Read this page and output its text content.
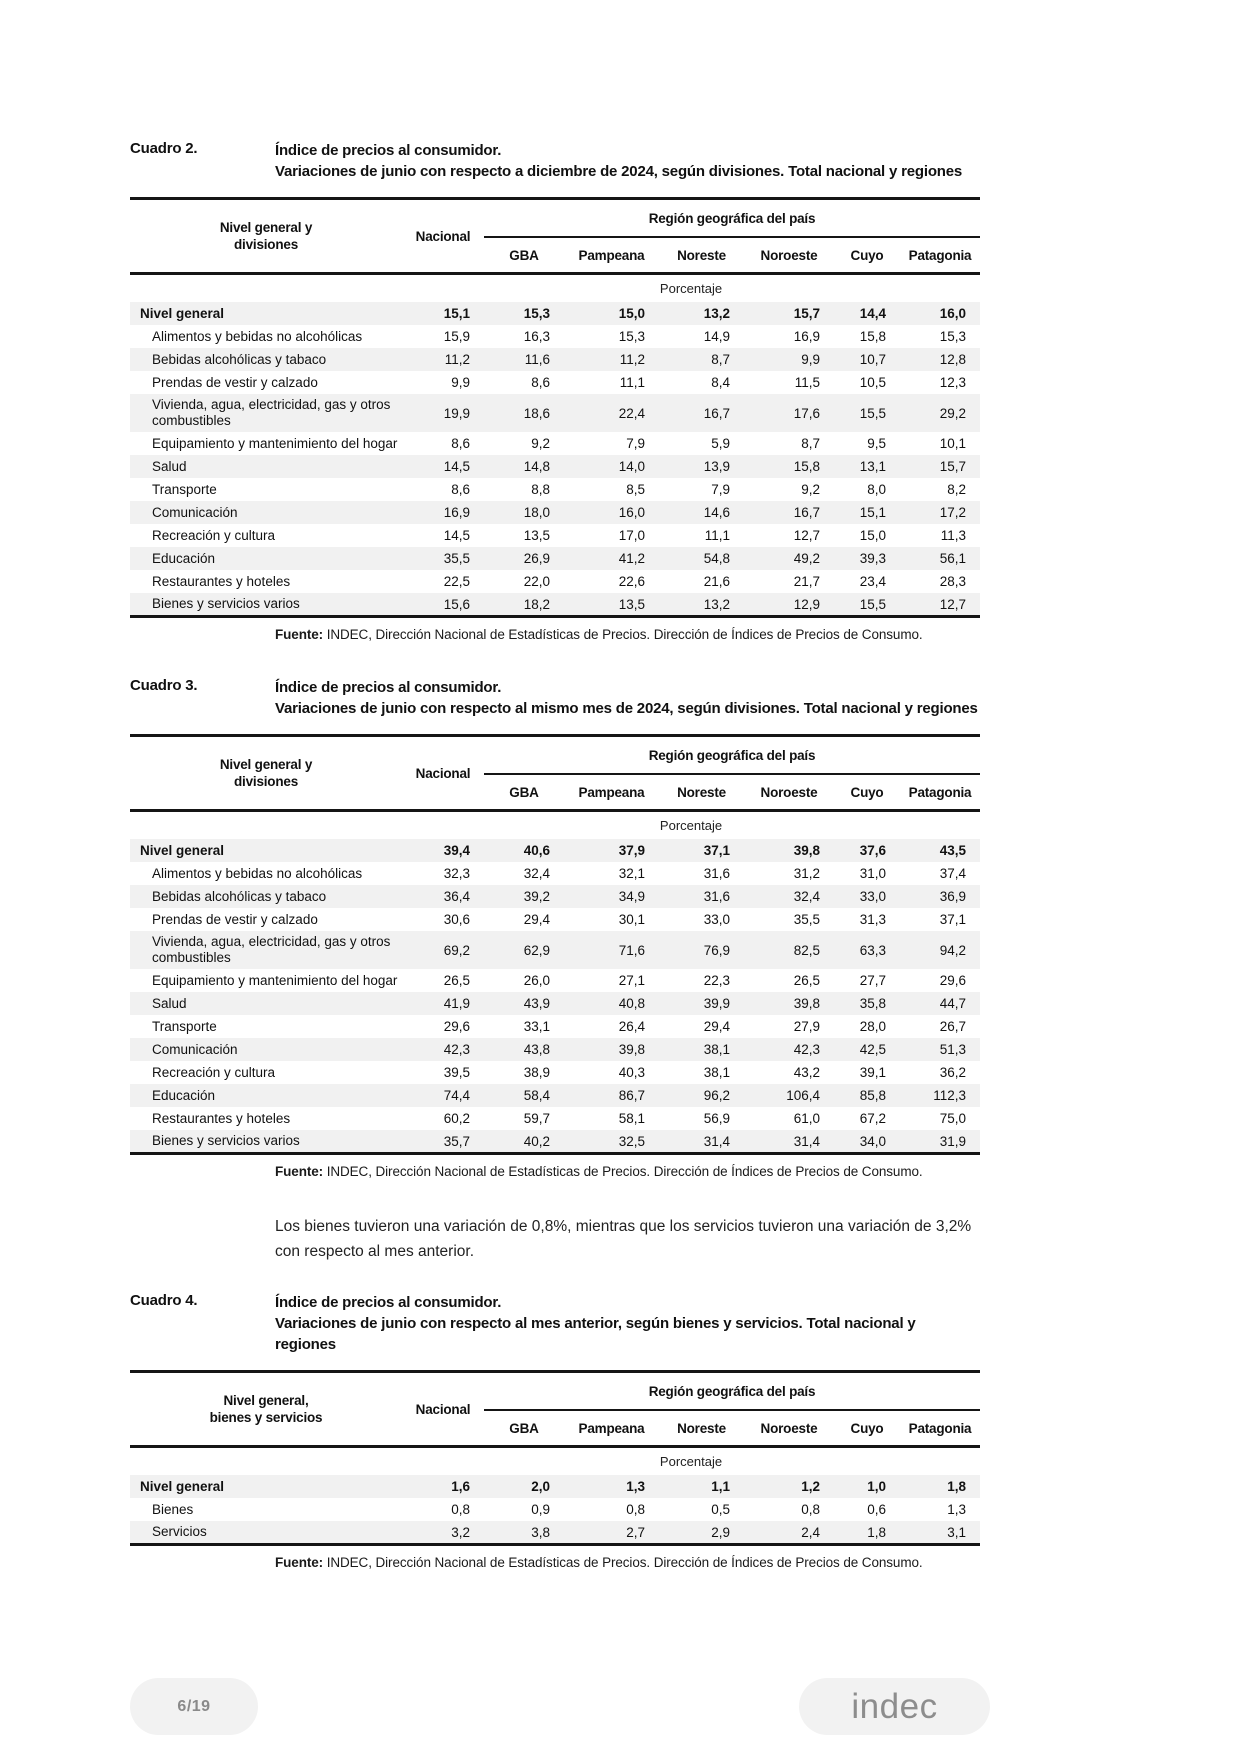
Cuadro 2.	Índice de precios al consumidor.
Variaciones de junio con respecto a diciembre de 2024, según divisiones. Total nacional y regiones
Nivel general y
divisiones	Nacional	Región geográfica del país					
		GBA	Pampeana	Noreste	Noroeste	Cuyo	Patagonia
	Porcentaje						
Nivel general	15,1	15,3	15,0	13,2	15,7	14,4	16,0
Alimentos y bebidas no alcohólicas	15,9	16,3	15,3	14,9	16,9	15,8	15,3
Bebidas alcohólicas y tabaco	11,2	11,6	11,2	8,7	9,9	10,7	12,8
Prendas de vestir y calzado	9,9	8,6	11,1	8,4	11,5	10,5	12,3
Vivienda, agua, electricidad, gas y otros combustibles	19,9	18,6	22,4	16,7	17,6	15,5	29,2
Equipamiento y mantenimiento del hogar	8,6	9,2	7,9	5,9	8,7	9,5	10,1
Salud	14,5	14,8	14,0	13,9	15,8	13,1	15,7
Transporte	8,6	8,8	8,5	7,9	9,2	8,0	8,2
Comunicación	16,9	18,0	16,0	14,6	16,7	15,1	17,2
Recreación y cultura	14,5	13,5	17,0	11,1	12,7	15,0	11,3
Educación	35,5	26,9	41,2	54,8	49,2	39,3	56,1
Restaurantes y hoteles	22,5	22,0	22,6	21,6	21,7	23,4	28,3
Bienes y servicios varios	15,6	18,2	13,5	13,2	12,9	15,5	12,7
Fuente: INDEC, Dirección Nacional de Estadísticas de Precios. Dirección de Índices de Precios de Consumo.
Cuadro 3.	Índice de precios al consumidor.
Variaciones de junio con respecto al mismo mes de 2024, según divisiones. Total nacional y regiones
Nivel general y
divisiones	Nacional	Región geográfica del país					
		GBA	Pampeana	Noreste	Noroeste	Cuyo	Patagonia
	Porcentaje						
Nivel general	39,4	40,6	37,9	37,1	39,8	37,6	43,5
Alimentos y bebidas no alcohólicas	32,3	32,4	32,1	31,6	31,2	31,0	37,4
Bebidas alcohólicas y tabaco	36,4	39,2	34,9	31,6	32,4	33,0	36,9
Prendas de vestir y calzado	30,6	29,4	30,1	33,0	35,5	31,3	37,1
Vivienda, agua, electricidad, gas y otros combustibles	69,2	62,9	71,6	76,9	82,5	63,3	94,2
Equipamiento y mantenimiento del hogar	26,5	26,0	27,1	22,3	26,5	27,7	29,6
Salud	41,9	43,9	40,8	39,9	39,8	35,8	44,7
Transporte	29,6	33,1	26,4	29,4	27,9	28,0	26,7
Comunicación	42,3	43,8	39,8	38,1	42,3	42,5	51,3
Recreación y cultura	39,5	38,9	40,3	38,1	43,2	39,1	36,2
Educación	74,4	58,4	86,7	96,2	106,4	85,8	112,3
Restaurantes y hoteles	60,2	59,7	58,1	56,9	61,0	67,2	75,0
Bienes y servicios varios	35,7	40,2	32,5	31,4	31,4	34,0	31,9
Fuente: INDEC, Dirección Nacional de Estadísticas de Precios. Dirección de Índices de Precios de Consumo.

Los bienes tuvieron una variación de 0,8%, mientras que los servicios tuvieron una variación de 3,2% con respecto al mes anterior.

Cuadro 4.	Índice de precios al consumidor.
Variaciones de junio con respecto al mes anterior, según bienes y servicios. Total nacional y regiones
Nivel general,
bienes y servicios	Nacional	Región geográfica del país					
		GBA	Pampeana	Noreste	Noroeste	Cuyo	Patagonia
	Porcentaje						
Nivel general	1,6	2,0	1,3	1,1	1,2	1,0	1,8
Bienes	0,8	0,9	0,8	0,5	0,8	0,6	1,3
Servicios	3,2	3,8	2,7	2,9	2,4	1,8	3,1
Fuente: INDEC, Dirección Nacional de Estadísticas de Precios. Dirección de Índices de Precios de Consumo.
6/19	indec
